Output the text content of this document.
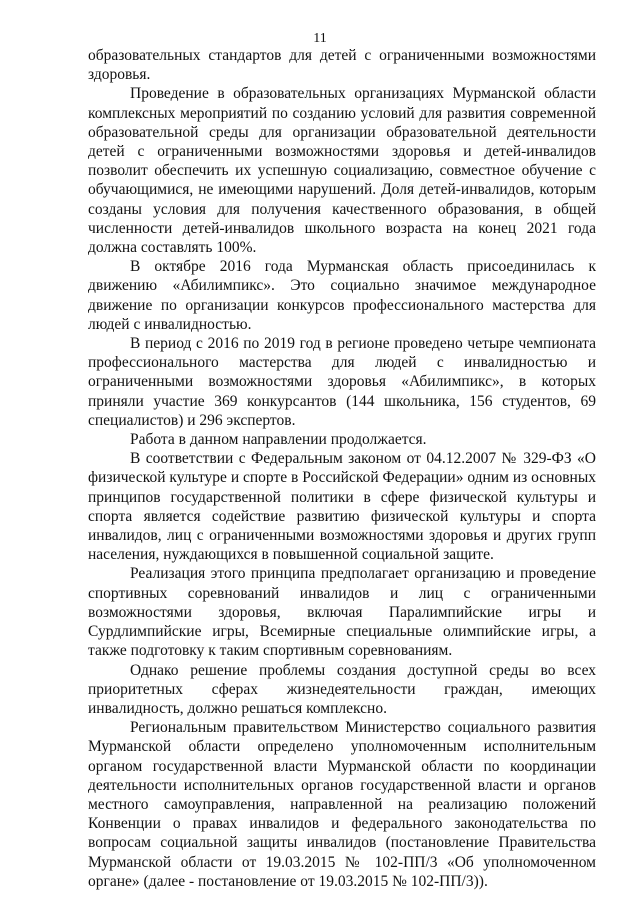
11

образовательных стандартов для детей с ограниченными возможностями здоровья.

Проведение в образовательных организациях Мурманской области комплексных мероприятий по созданию условий для развития современной образовательной среды для организации образовательной деятельности детей с ограниченными возможностями здоровья и детей-инвалидов позволит обеспечить их успешную социализацию, совместное обучение с обучающимися, не имеющими нарушений. Доля детей-инвалидов, которым созданы условия для получения качественного образования, в общей численности детей-инвалидов школьного возраста на конец 2021 года должна составлять 100%.

В октябре 2016 года Мурманская область присоединилась к движению «Абилимпикс». Это социально значимое международное движение по организации конкурсов профессионального мастерства для людей с инвалидностью.

В период с 2016 по 2019 год в регионе проведено четыре чемпионата профессионального мастерства для людей с инвалидностью и ограниченными возможностями здоровья «Абилимпикс», в которых приняли участие 369 конкурсантов (144 школьника, 156 студентов, 69 специалистов) и 296 экспертов.

Работа в данном направлении продолжается.

В соответствии с Федеральным законом от 04.12.2007 № 329-ФЗ «О физической культуре и спорте в Российской Федерации» одним из основных принципов государственной политики в сфере физической культуры и спорта является содействие развитию физической культуры и спорта инвалидов, лиц с ограниченными возможностями здоровья и других групп населения, нуждающихся в повышенной социальной защите.

Реализация этого принципа предполагает организацию и проведение спортивных соревнований инвалидов и лиц с ограниченными возможностями здоровья, включая Паралимпийские игры и Сурдлимпийские игры, Всемирные специальные олимпийские игры, а также подготовку к таким спортивным соревнованиям.

Однако решение проблемы создания доступной среды во всех приоритетных сферах жизнедеятельности граждан, имеющих инвалидность, должно решаться комплексно.

Региональным правительством Министерство социального развития Мурманской области определено уполномоченным исполнительным органом государственной власти Мурманской области по координации деятельности исполнительных органов государственной власти и органов местного самоуправления, направленной на реализацию положений Конвенции о правах инвалидов и федерального законодательства по вопросам социальной защиты инвалидов (постановление Правительства Мурманской области от 19.03.2015 № 102-ПП/3 «Об уполномоченном органе» (далее - постановление от 19.03.2015 № 102-ПП/3)).
